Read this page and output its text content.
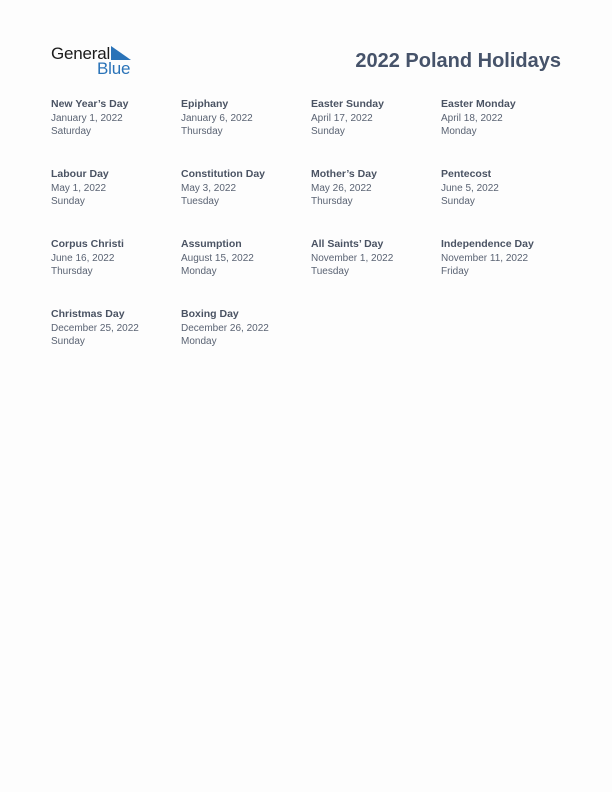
General
Blue	2022 Poland Holidays
New Year’s Day
January 1, 2022
Saturday
Epiphany
January 6, 2022
Thursday
Easter Sunday
April 17, 2022
Sunday
Easter Monday
April 18, 2022
Monday
Labour Day
May 1, 2022
Sunday
Constitution Day
May 3, 2022
Tuesday
Mother’s Day
May 26, 2022
Thursday
Pentecost
June 5, 2022
Sunday
Corpus Christi
June 16, 2022
Thursday
Assumption
August 15, 2022
Monday
All Saints’ Day
November 1, 2022
Tuesday
Independence Day
November 11, 2022
Friday
Christmas Day
December 25, 2022
Sunday
Boxing Day
December 26, 2022
Monday
